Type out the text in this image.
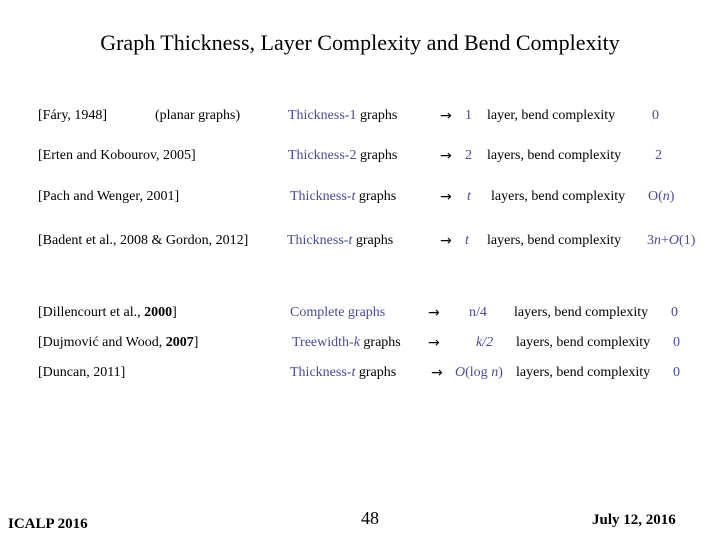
Graph Thickness, Layer Complexity and Bend Complexity
[Fáry, 1948]	(planar graphs)	Thickness-1 graphs	→ 1 layer, bend complexity	0
[Erten and Kobourov, 2005]	Thickness-2 graphs	→ 2 layers, bend complexity 2
[Pach and Wenger, 2001]	Thickness-t graphs	→ t layers, bend complexity O(n)
[Badent et al., 2008 & Gordon, 2012]	Thickness-t graphs	→ t layers, bend complexity 3n+O(1)
[Dillencourt et al., 2000]	Complete graphs	→ n/4 layers, bend complexity 0
[Dujmović and Wood, 2007]	Treewidth-k graphs →	k/2 layers, bend complexity 0
[Duncan, 2011]	Thickness-t graphs → O(log n) layers, bend complexity 0
ICALP 2016	48	July 12, 2016
